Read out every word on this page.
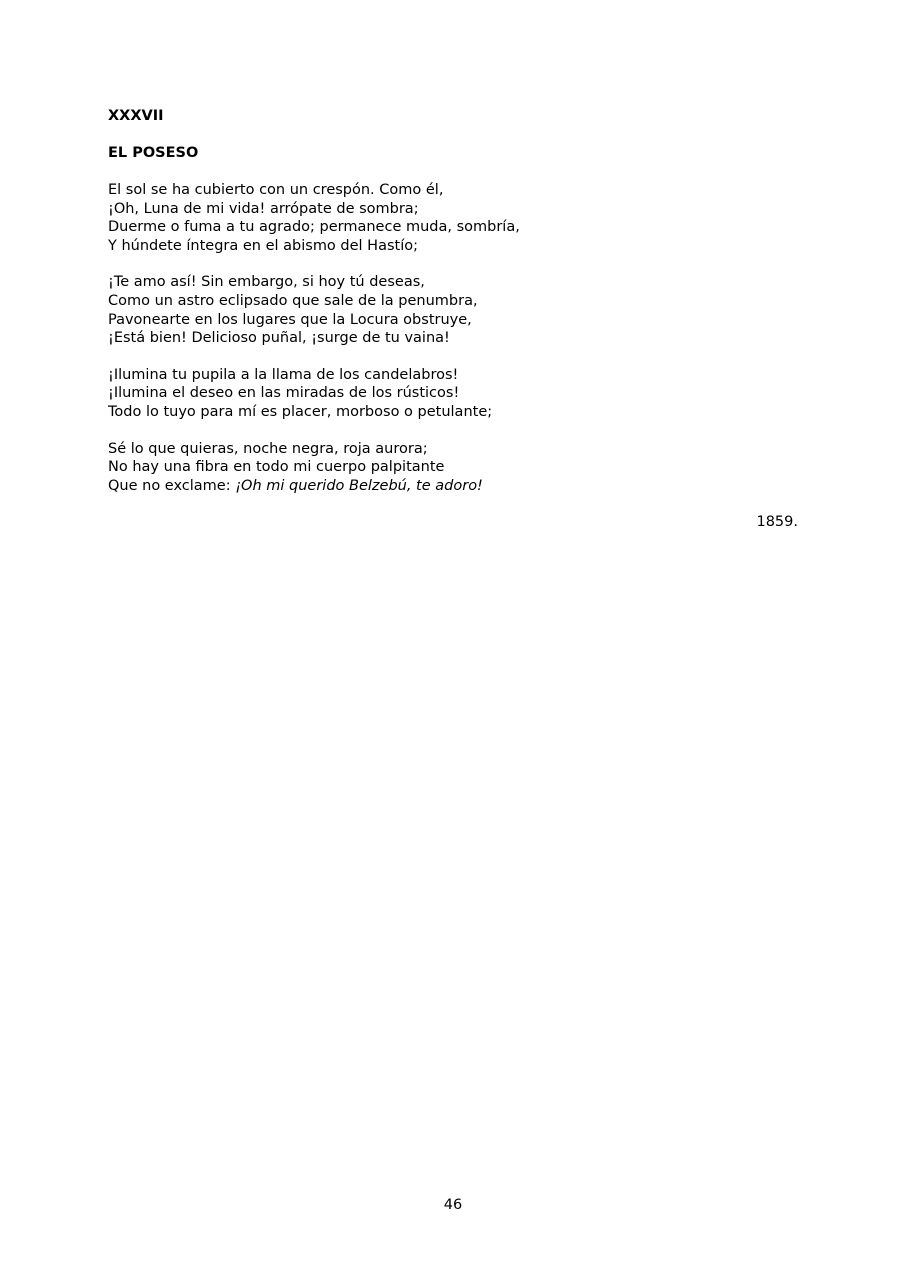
XXXVII

EL POSESO

El sol se ha cubierto con un crespón. Como él,
¡Oh, Luna de mi vida! arrópate de sombra;
Duerme o fuma a tu agrado; permanece muda, sombría,
Y húndete íntegra en el abismo del Hastío;
¡Te amo así! Sin embargo, si hoy tú deseas,
Como un astro eclipsado que sale de la penumbra,
Pavonearte en los lugares que la Locura obstruye,
¡Está bien! Delicioso puñal, ¡surge de tu vaina!
¡Ilumina tu pupila a la llama de los candelabros!
¡Ilumina el deseo en las miradas de los rústicos!
Todo lo tuyo para mí es placer, morboso o petulante;
Sé lo que quieras, noche negra, roja aurora;
No hay una fibra en todo mi cuerpo palpitante
Que no exclame: ¡Oh mi querido Belzebú, te adoro!
1859.
46
